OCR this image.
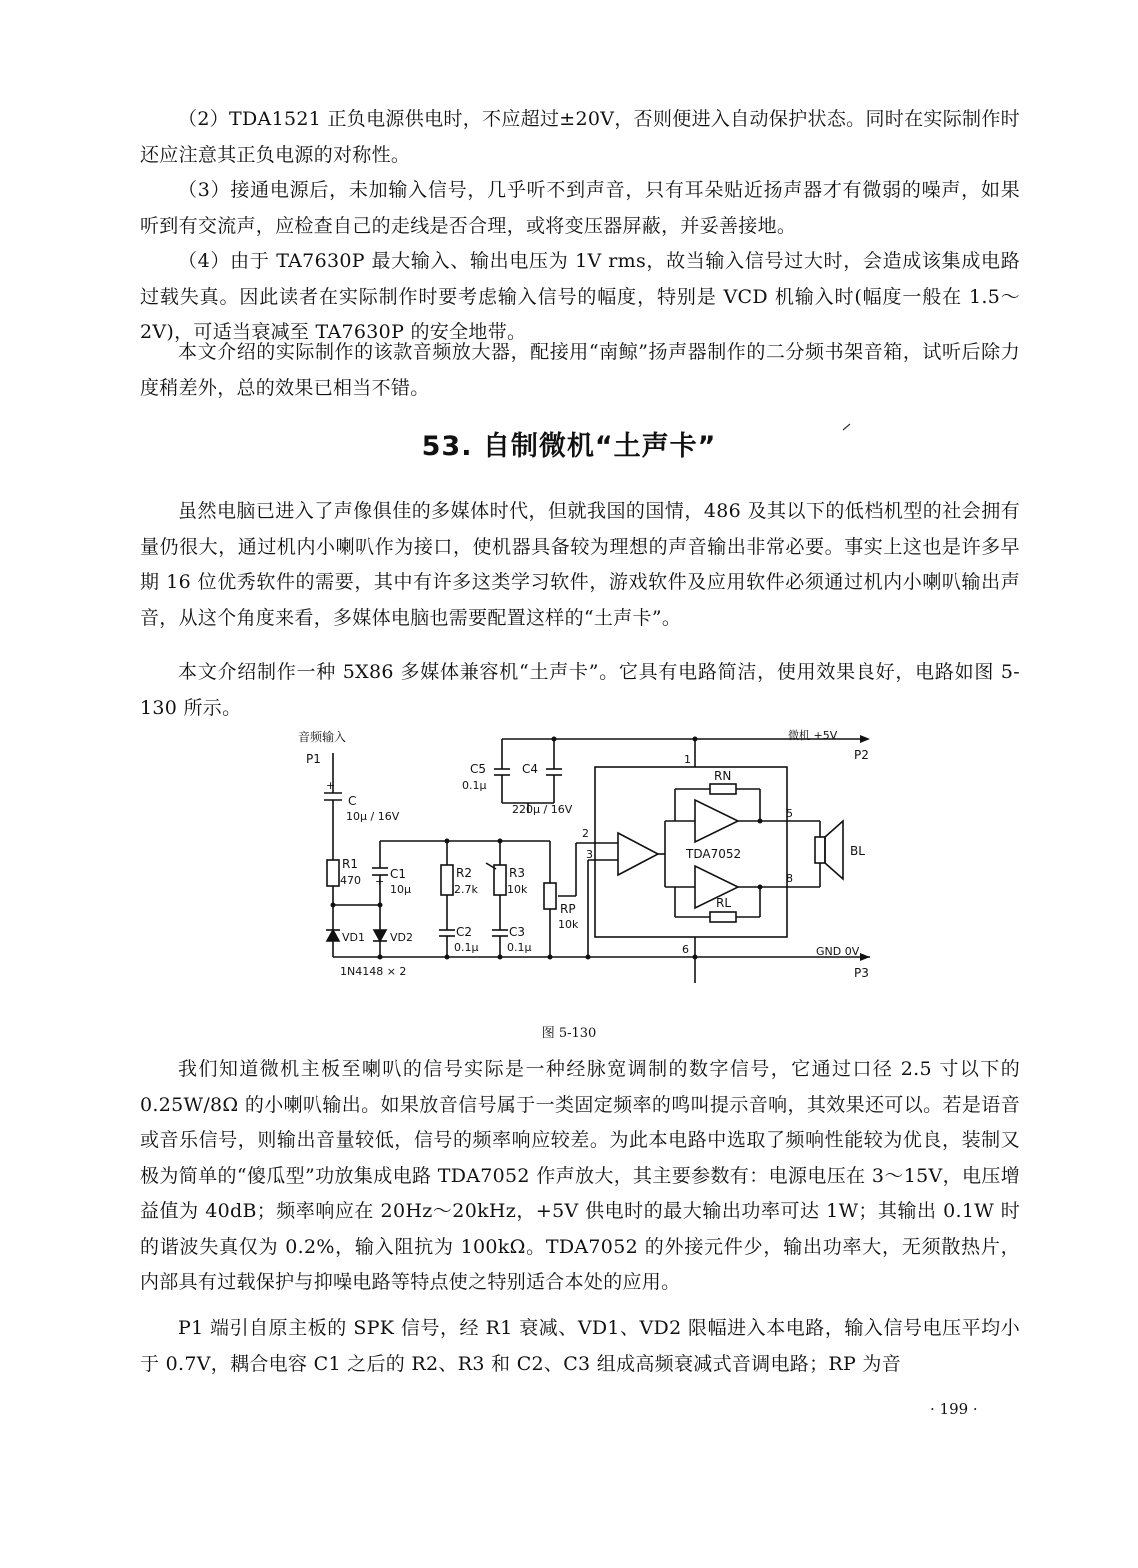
（2）TDA1521 正负电源供电时，不应超过±20V，否则便进入自动保护状态。同时在实际制作时还应注意其正负电源的对称性。

（3）接通电源后，未加输入信号，几乎听不到声音，只有耳朵贴近扬声器才有微弱的噪声，如果听到有交流声，应检查自己的走线是否合理，或将变压器屏蔽，并妥善接地。

（4）由于 TA7630P 最大输入、输出电压为 1V rms，故当输入信号过大时，会造成该集成电路过载失真。因此读者在实际制作时要考虑输入信号的幅度，特别是 VCD 机输入时(幅度一般在 1.5～2V)，可适当衰减至 TA7630P 的安全地带。

本文介绍的实际制作的该款音频放大器，配接用“南鲸”扬声器制作的二分频书架音箱，试听后除力度稍差外，总的效果已相当不错。

53. 自制微机“土声卡”

虽然电脑已进入了声像俱佳的多媒体时代，但就我国的国情，486 及其以下的低档机型的社会拥有量仍很大，通过机内小喇叭作为接口，使机器具备较为理想的声音输出非常必要。事实上这也是许多早期 16 位优秀软件的需要，其中有许多这类学习软件，游戏软件及应用软件必须通过机内小喇叭输出声音，从这个角度来看，多媒体电脑也需要配置这样的“土声卡”。

本文介绍制作一种 5X86 多媒体兼容机“土声卡”。它具有电路简洁，使用效果良好，电路如图 5-130 所示。

音频输入
P1
+
C
10μ / 16V
R1
470 C1
10μ
+
R2
2.7k
R3
10k
C2
0.1μ
C3
0.1μ
VD1 VD2
1N4148 × 2
RP
10k
C5
0.1μ
C4
220μ / 16V
微机 +5V
P2
GND 0V
P3
TDA7052
RN
RL
BL
1
2
3
5
6
8
图 5-130

我们知道微机主板至喇叭的信号实际是一种经脉宽调制的数字信号，它通过口径 2.5 寸以下的 0.25W/8Ω 的小喇叭输出。如果放音信号属于一类固定频率的鸣叫提示音响，其效果还可以。若是语音或音乐信号，则输出音量较低，信号的频率响应较差。为此本电路中选取了频响性能较为优良，装制又极为简单的“傻瓜型”功放集成电路 TDA7052 作声放大，其主要参数有：电源电压在 3～15V，电压增益值为 40dB；频率响应在 20Hz～20kHz，+5V 供电时的最大输出功率可达 1W；其输出 0.1W 时的谐波失真仅为 0.2%，输入阻抗为 100kΩ。TDA7052 的外接元件少，输出功率大，无须散热片，内部具有过载保护与抑噪电路等特点使之特别适合本处的应用。

P1 端引自原主板的 SPK 信号，经 R1 衰减、VD1、VD2 限幅进入本电路，输入信号电压平均小于 0.7V，耦合电容 C1 之后的 R2、R3 和 C2、C3 组成高频衰减式音调电路；RP 为音

· 199 ·
